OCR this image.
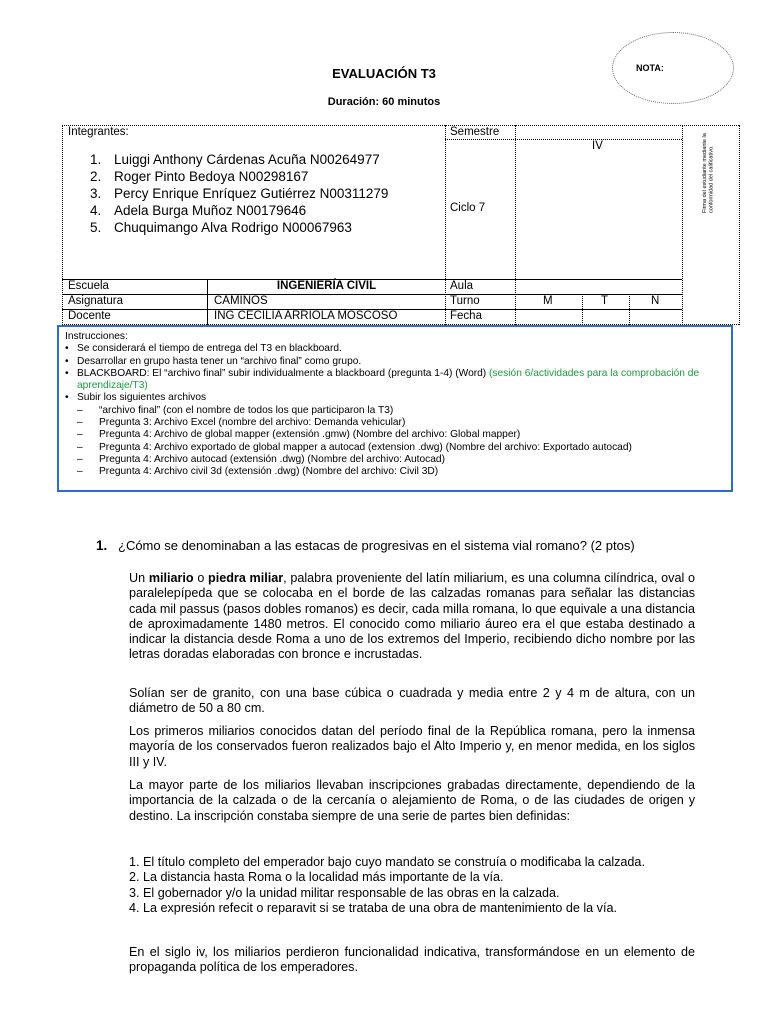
EVALUACIÓN T3
Duración: 60 minutos
NOTA:
Integrantes:
1. Luiggi Anthony Cárdenas Acuña N00264977
2. Roger Pinto Bedoya N00298167
3. Percy Enrique Enríquez Gutiérrez N00311279
4. Adela Burga Muñoz N00179646
5. Chuquimango Alva Rodrigo N00067963
Semestre
IV
Ciclo 7	Firma del estudiante mediante la conformidad del calificativo.
Escuela	INGENIERÍA CIVIL	Aula
Asignatura	CAMINOS	Turno	M	T	N
Docente	ING CECILIA ARRIOLA MOSCOSO	Fecha
Instrucciones:
• Se considerará el tiempo de entrega del T3 en blackboard.
• Desarrollar en grupo hasta tener un “archivo final” como grupo.
• BLACKBOARD: El “archivo final” subir individualmente a blackboard (pregunta 1-4) (Word) (sesión 6/actividades para la comprobación de aprendizaje/T3)
• Subir los siguientes archivos
– “archivo final” (con el nombre de todos los que participaron la T3)
– Pregunta 3: Archivo Excel (nombre del archivo: Demanda vehicular)
– Pregunta 4: Archivo de global mapper (extensión .gmw) (Nombre del archivo: Global mapper)
– Pregunta 4: Archivo exportado de global mapper a autocad (extension .dwg) (Nombre del archivo: Exportado autocad)
– Pregunta 4: Archivo autocad (extensión .dwg) (Nombre del archivo: Autocad)
– Pregunta 4: Archivo civil 3d (extensión .dwg) (Nombre del archivo: Civil 3D)
1. ¿Cómo se denominaban a las estacas de progresivas en el sistema vial romano? (2 ptos)
Un miliario o piedra miliar, palabra proveniente del latín miliarium, es una columna cilíndrica, oval o paralelepípeda que se colocaba en el borde de las calzadas romanas para señalar las distancias cada mil passus (pasos dobles romanos) es decir, cada milla romana, lo que equivale a una distancia de aproximadamente 1480 metros. El conocido como miliario áureo era el que estaba destinado a indicar la distancia desde Roma a uno de los extremos del Imperio, recibiendo dicho nombre por las letras doradas elaboradas con bronce e incrustadas.
Solían ser de granito, con una base cúbica o cuadrada y media entre 2 y 4 m de altura, con un diámetro de 50 a 80 cm.
Los primeros miliarios conocidos datan del período final de la República romana, pero la inmensa mayoría de los conservados fueron realizados bajo el Alto Imperio y, en menor medida, en los siglos III y IV.
La mayor parte de los miliarios llevaban inscripciones grabadas directamente, dependiendo de la importancia de la calzada o de la cercanía o alejamiento de Roma, o de las ciudades de origen y destino. La inscripción constaba siempre de una serie de partes bien definidas:
1. El título completo del emperador bajo cuyo mandato se construía o modificaba la calzada.
2. La distancia hasta Roma o la localidad más importante de la vía.
3. El gobernador y/o la unidad militar responsable de las obras en la calzada.
4. La expresión refecit o reparavit si se trataba de una obra de mantenimiento de la vía.
En el siglo iv, los miliarios perdieron funcionalidad indicativa, transformándose en un elemento de propaganda política de los emperadores.
